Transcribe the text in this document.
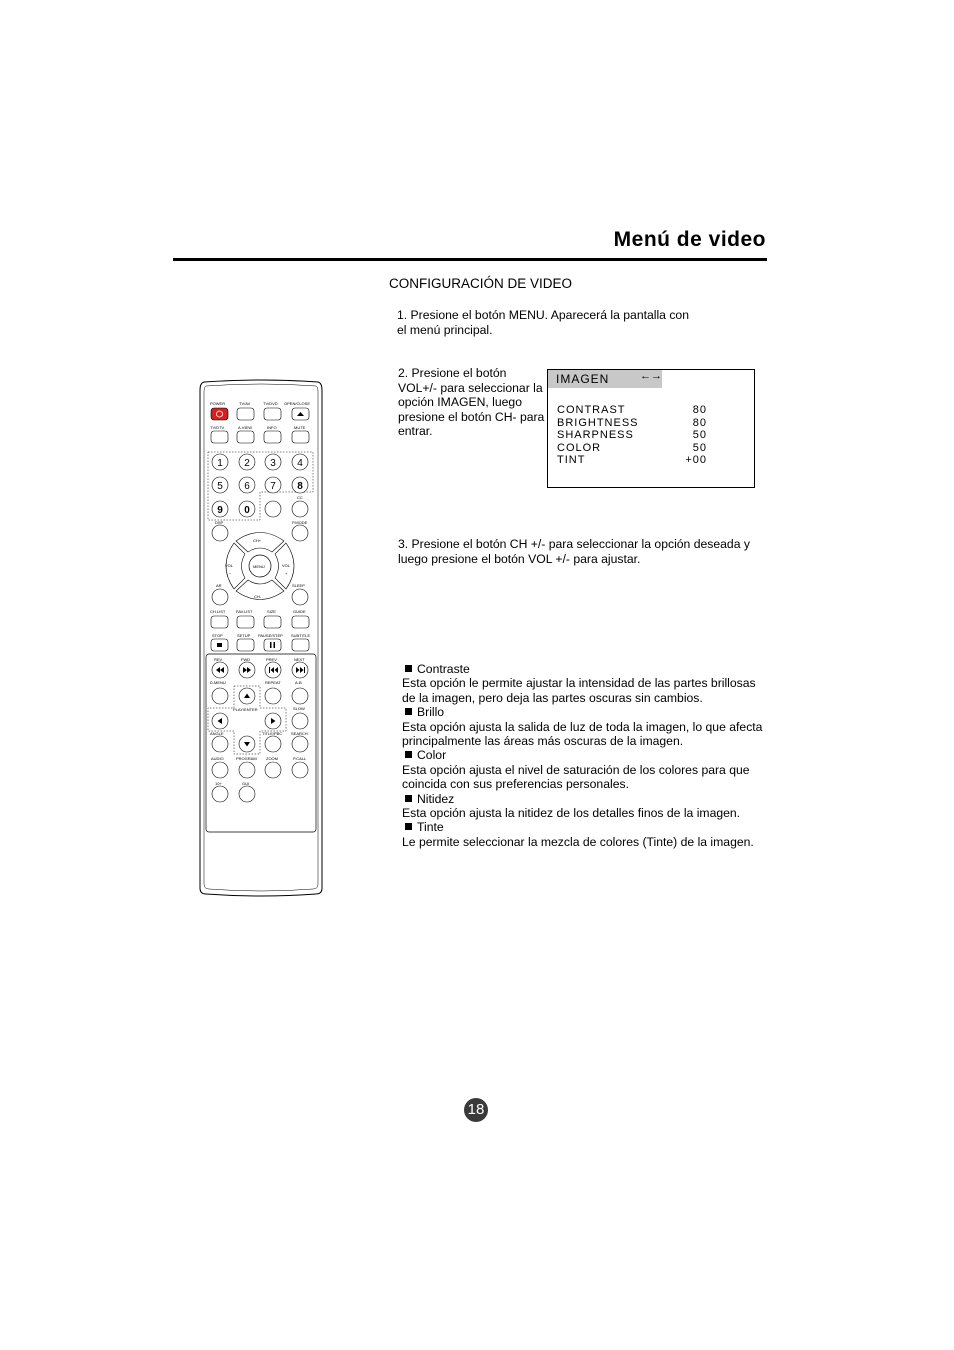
Menú de video
CONFIGURACIÓN DE VIDEO
1. Presione el botón MENU. Aparecerá la pantalla con el menú principal.
2. Presione el botón VOL+/- para seleccionar la opción IMAGEN, luego presione el botón CH- para entrar.
IMAGEN	←→
CONTRAST	80
BRIGHTNESS	80
SHARPNESS	50
COLOR	50
TINT	+00
3. Presione el botón CH +/- para seleccionar la opción deseada y luego presione el botón VOL +/- para ajustar.
Contraste
Esta opción le permite ajustar la intensidad de las partes brillosas de la imagen, pero deja las partes oscuras sin cambios.
Brillo
Esta opción ajusta la salida de luz de toda la imagen, lo que afecta principalmente las áreas más oscuras de la imagen.
Color
Esta opción ajusta el nivel de saturación de los colores para que coincida con sus preferencias personales.
Nitidez
Esta opción ajusta la nitidez de los detalles finos de la imagen.
Tinte
Le permite seleccionar la mezcla de colores (Tinte) de la imagen.
18
POWER	TV/AV	TV/DVD OPEN/CLOSE
TV/DTV	A.VIEW	INFO	MUTE
1 2 3 4
5 6 7 8
9 0
CC
DSP	P.MODE
CH+
CH-
VOL
−
VOL
+
MENU
AR	SLEEP
CH.LIST	FAV.LIST	SIZE	GUIDE
STOP	SETUP PAUSE/STEP SUBTITLE
REV	FWD	PREV	NEXT
D.MENU	REPEAT	A-B
PLAY/ENTER	SLOW
ANGLE	TITLE/PBC SEARCH
AUDIO	PROGRAM ZOOM	P.CALL
10+	GUI
